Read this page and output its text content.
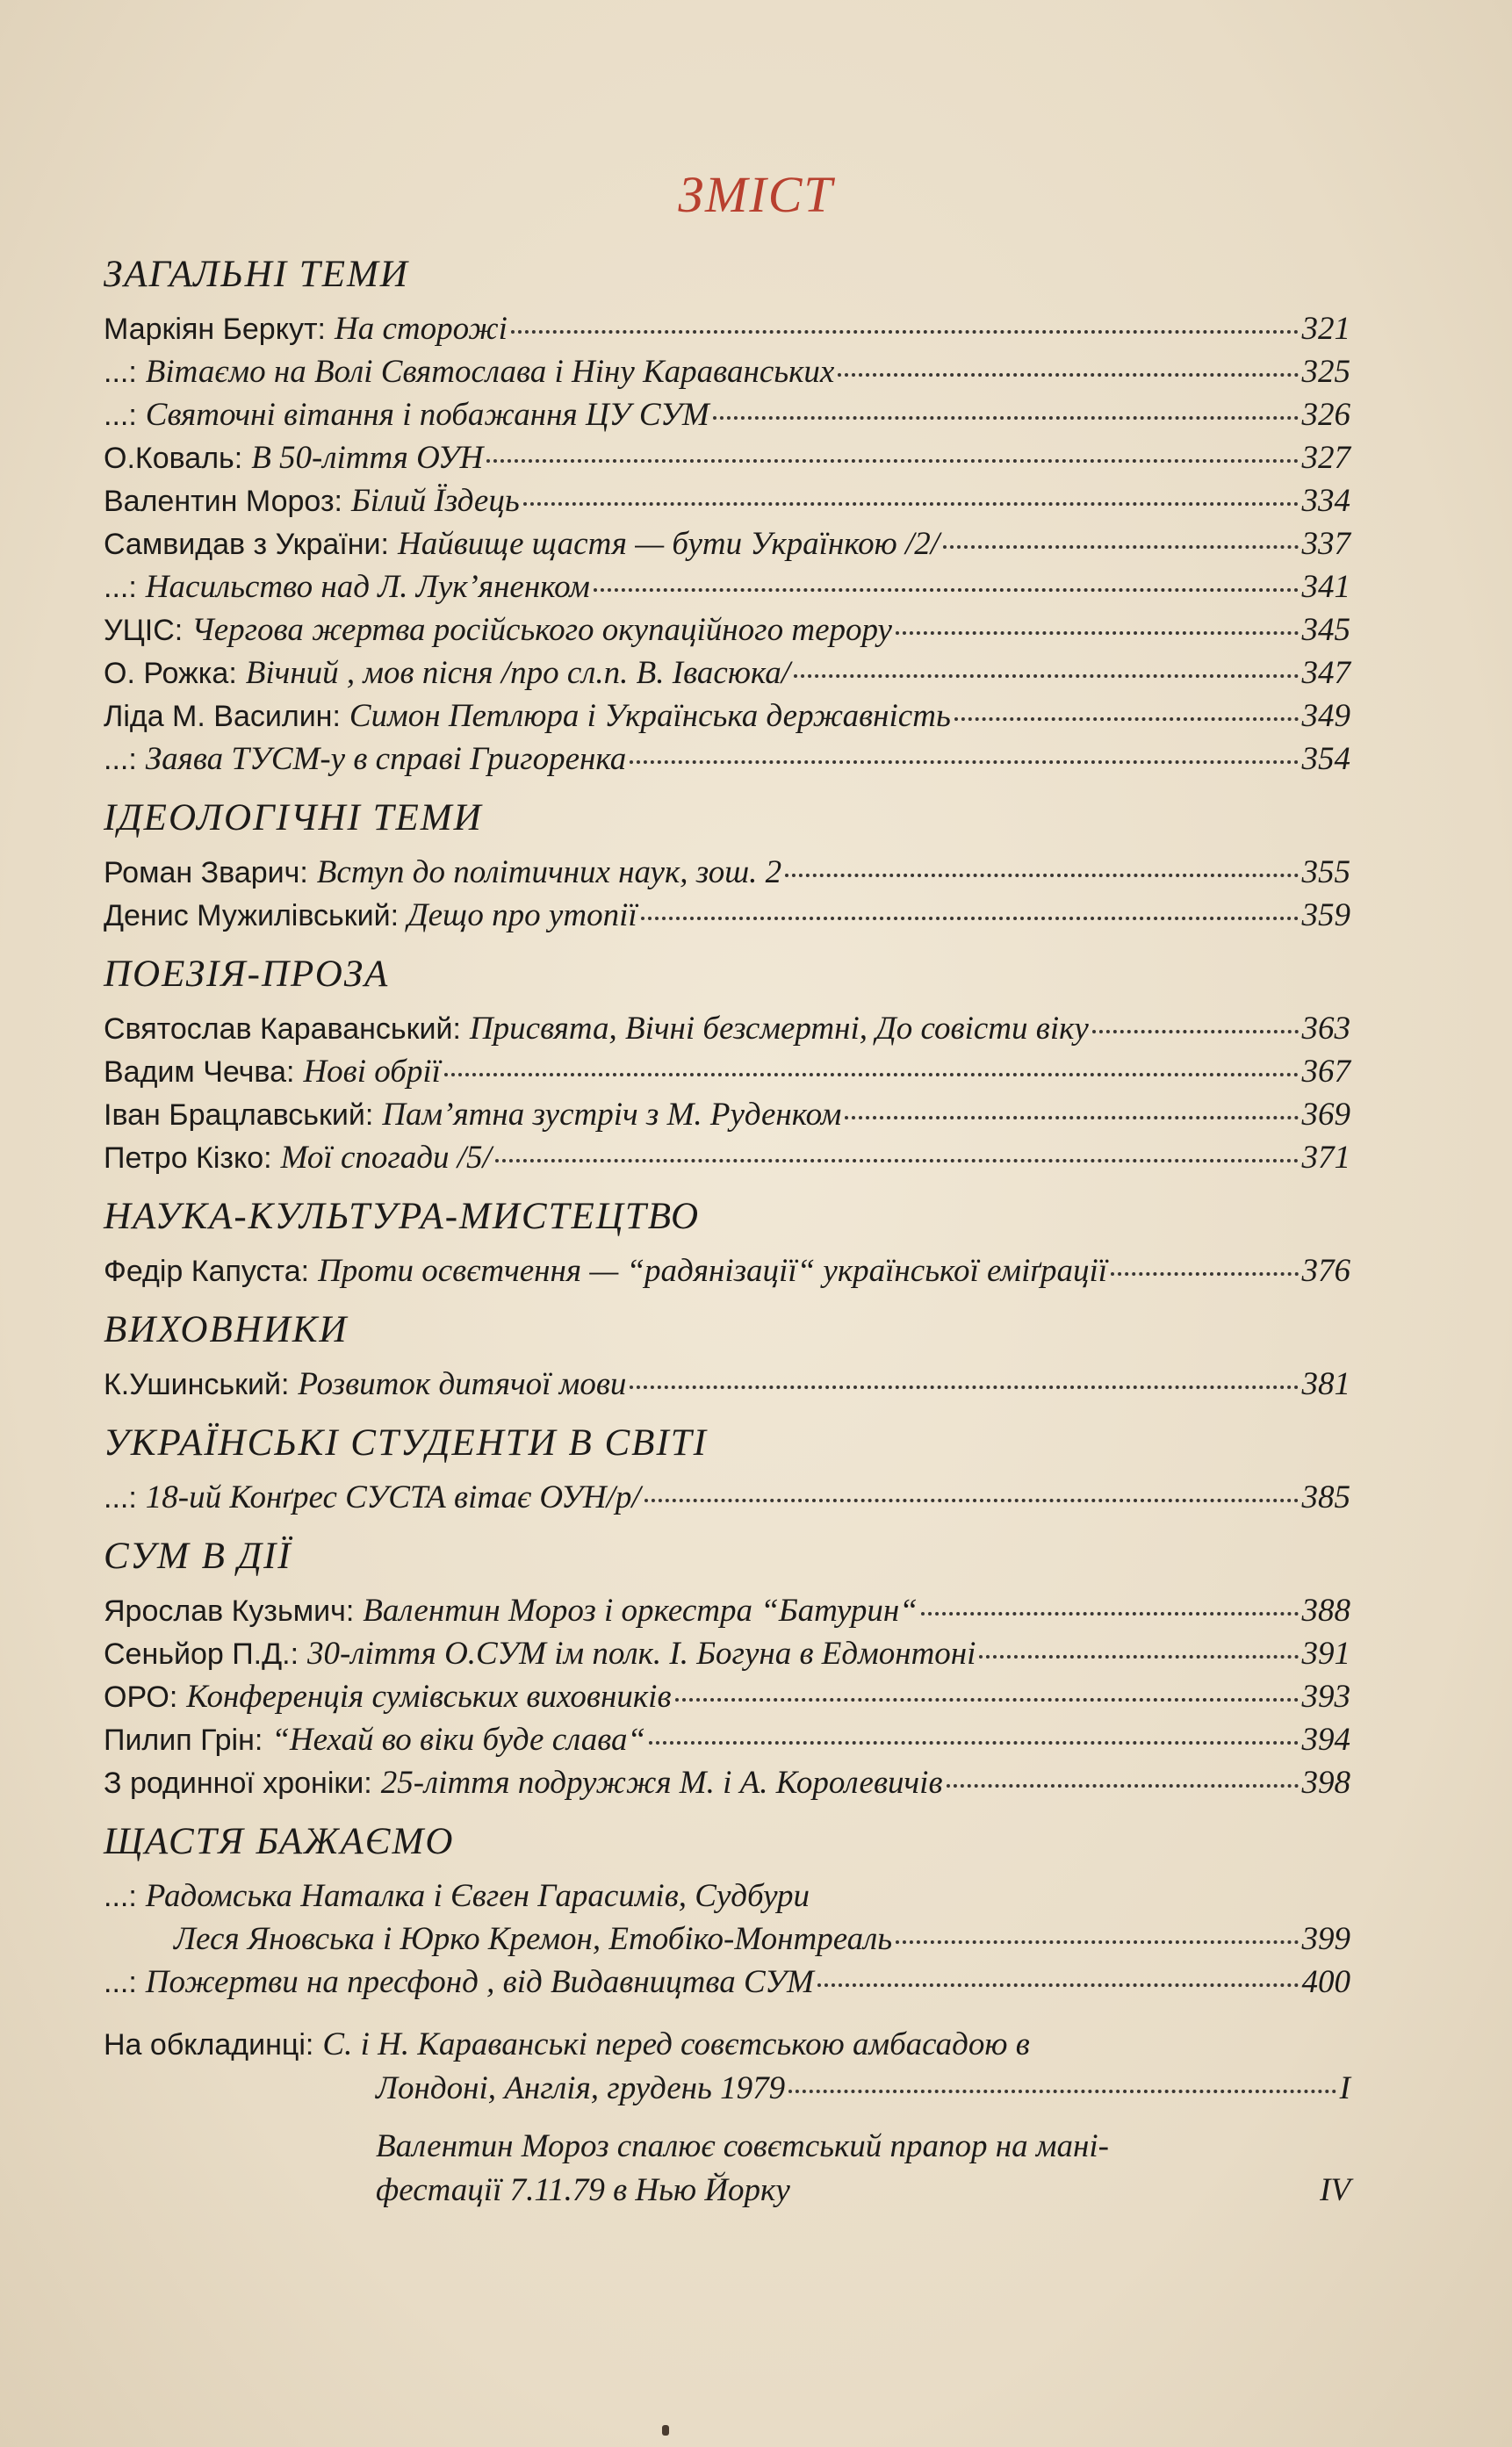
ЗМІСТ
ЗАГАЛЬНІ ТЕМИ
Маркіян Беркут: На сторожі	321
...: Вітаємо на Волі Святослава і Ніну Караванських	325
...: Святочні вітання і побажання ЦУ СУМ	326
О.Коваль: В 50-ліття ОУН	327
Валентин Мороз: Білий Їздець	334
Самвидав з України: Найвище щастя — бути Українкою /2/	337
...: Насильство над Л. Лук’яненком	341
УЦІС: Чергова жертва російського окупаційного терору	345
О. Рожка: Вічний , мов пісня /про сл.п. В. Івасюка/	347
Ліда М. Василин: Симон Петлюра і Українська державність	349
...: Заява ТУСМ-у в справі Григоренка	354
ІДЕОЛОГІЧНІ ТЕМИ
Роман Зварич: Вступ до політичних наук, зош. 2	355
Денис Мужилівський: Дещо про утопії	359
ПОЕЗІЯ-ПРОЗА
Святослав Караванський: Присвята, Вічні безсмертні, До совісти віку	363
Вадим Чечва: Нові обрії	367
Іван Брацлавський: Пам’ятна зустріч з М. Руденком	369
Петро Кізко: Мої спогади /5/	371
НАУКА-КУЛЬТУРА-МИСТЕЦТВО
Федір Капуста: Проти освєтчення — “радянізації“ української еміґрації	376
ВИХОВНИКИ
К.Ушинський: Розвиток дитячої мови	381
УКРАЇНСЬКІ СТУДЕНТИ В СВІТІ
...: 18-ий Конґрес СУСТА вітає ОУН/р/	385
СУМ В ДІЇ
Ярослав Кузьмич: Валентин Мороз і оркестра “Батурин“	388
Сеньйор П.Д.: 30-ліття О.СУМ ім полк. І. Богуна в Едмонтоні	391
ОРО: Конференція сумівських виховників	393
Пилип Грін: “Нехай во віки буде слава“	394
З родинної хроніки: 25-ліття подружжя М. і А. Королевичів	398
ЩАСТЯ БАЖАЄМО
...: Радомська Наталка і Євген Гарасимів, Судбури
Леся Яновська і Юрко Кремон, Етобіко-Монтреаль	399
...: Пожертви на пресфонд , від Видавництва СУМ	400
На обкладинці: С. і Н. Караванські перед совєтською амбасадою в
Лондоні, Англія, грудень 1979	I
Валентин Мороз спалює совєтський прапор на мані-
фестації 7.11.79 в Нью Йорку	IV
